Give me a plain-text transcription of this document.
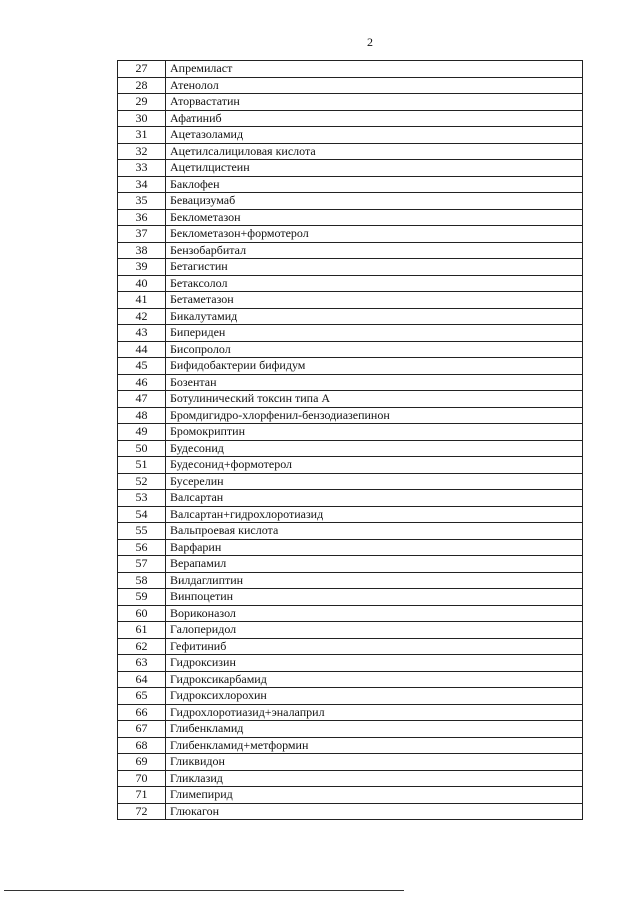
2
27	Апремиласт
28	Атенолол
29	Аторвастатин
30	Афатиниб
31	Ацетазоламид
32	Ацетилсалициловая кислота
33	Ацетилцистеин
34	Баклофен
35	Бевацизумаб
36	Беклометазон
37	Беклометазон+формотерол
38	Бензобарбитал
39	Бетагистин
40	Бетаксолол
41	Бетаметазон
42	Бикалутамид
43	Бипериден
44	Бисопролол
45	Бифидобактерии бифидум
46	Бозентан
47	Ботулинический токсин типа А
48	Бромдигидро-хлорфенил-бензодиазепинон
49	Бромокриптин
50	Будесонид
51	Будесонид+формотерол
52	Бусерелин
53	Валсартан
54	Валсартан+гидрохлоротиазид
55	Вальпроевая кислота
56	Варфарин
57	Верапамил
58	Вилдаглиптин
59	Винпоцетин
60	Вориконазол
61	Галоперидол
62	Гефитиниб
63	Гидроксизин
64	Гидроксикарбамид
65	Гидроксихлорохин
66	Гидрохлоротиазид+эналаприл
67	Глибенкламид
68	Глибенкламид+метформин
69	Гликвидон
70	Гликлазид
71	Глимепирид
72	Глюкагон
